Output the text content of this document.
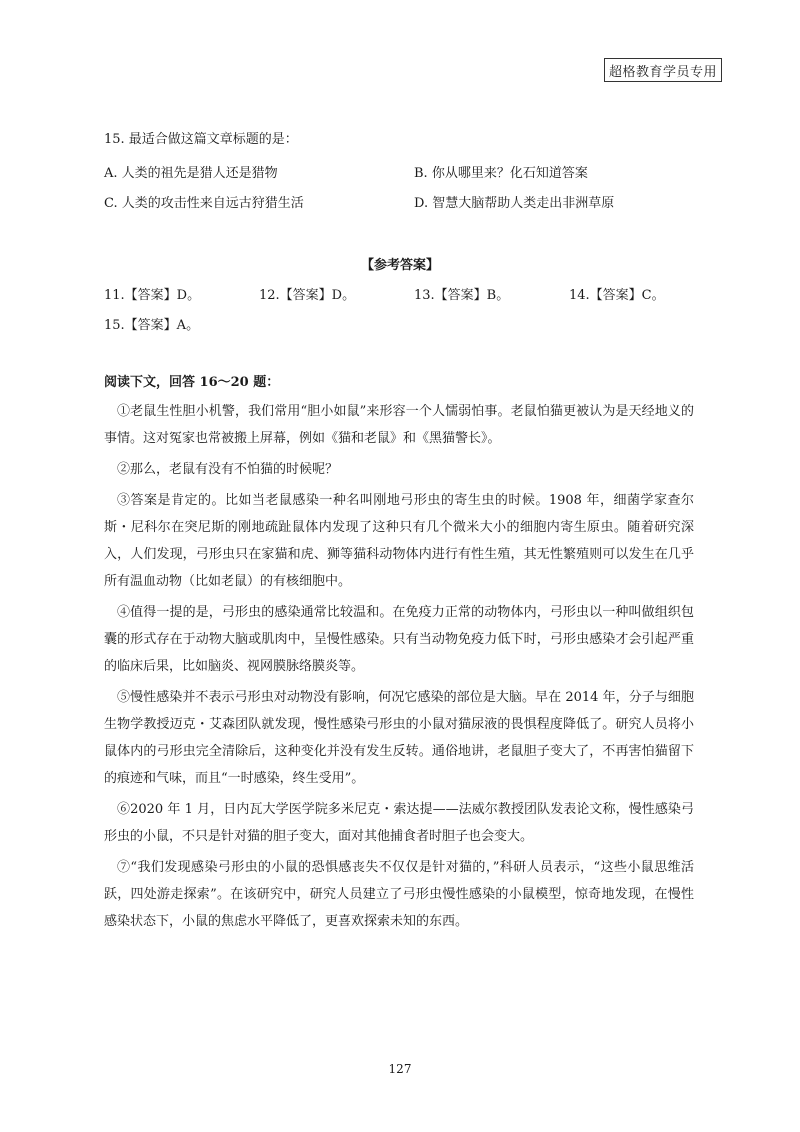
超格教育学员专用
15. 最适合做这篇文章标题的是：
A. 人类的祖先是猎人还是猎物	B. 你从哪里来？化石知道答案
C. 人类的攻击性来自远古狩猎生活	D. 智慧大脑帮助人类走出非洲草原
【参考答案】
11.【答案】D。	12.【答案】D。	13.【答案】B。	14.【答案】C。
15.【答案】A。
阅读下文，回答 16～20 题：

①老鼠生性胆小机警，我们常用“胆小如鼠”来形容一个人懦弱怕事。老鼠怕猫更被认为是天经地义的事情。这对冤家也常被搬上屏幕，例如《猫和老鼠》和《黑猫警长》。

②那么，老鼠有没有不怕猫的时候呢？

③答案是肯定的。比如当老鼠感染一种名叫刚地弓形虫的寄生虫的时候。1908 年，细菌学家查尔斯・尼科尔在突尼斯的刚地疏趾鼠体内发现了这种只有几个微米大小的细胞内寄生原虫。随着研究深入，人们发现，弓形虫只在家猫和虎、狮等猫科动物体内进行有性生殖，其无性繁殖则可以发生在几乎所有温血动物（比如老鼠）的有核细胞中。

④值得一提的是，弓形虫的感染通常比较温和。在免疫力正常的动物体内，弓形虫以一种叫做组织包囊的形式存在于动物大脑或肌肉中，呈慢性感染。只有当动物免疫力低下时，弓形虫感染才会引起严重的临床后果，比如脑炎、视网膜脉络膜炎等。

⑤慢性感染并不表示弓形虫对动物没有影响，何况它感染的部位是大脑。早在 2014 年，分子与细胞生物学教授迈克・艾森团队就发现，慢性感染弓形虫的小鼠对猫尿液的畏惧程度降低了。研究人员将小鼠体内的弓形虫完全清除后，这种变化并没有发生反转。通俗地讲，老鼠胆子变大了，不再害怕猫留下的痕迹和气味，而且“一时感染，终生受用”。

⑥2020 年 1 月，日内瓦大学医学院多米尼克・索达提——法威尔教授团队发表论文称，慢性感染弓形虫的小鼠，不只是针对猫的胆子变大，面对其他捕食者时胆子也会变大。

⑦“我们发现感染弓形虫的小鼠的恐惧感丧失不仅仅是针对猫的，”科研人员表示，“这些小鼠思维活跃，四处游走探索”。在该研究中，研究人员建立了弓形虫慢性感染的小鼠模型，惊奇地发现，在慢性感染状态下，小鼠的焦虑水平降低了，更喜欢探索未知的东西。

127
